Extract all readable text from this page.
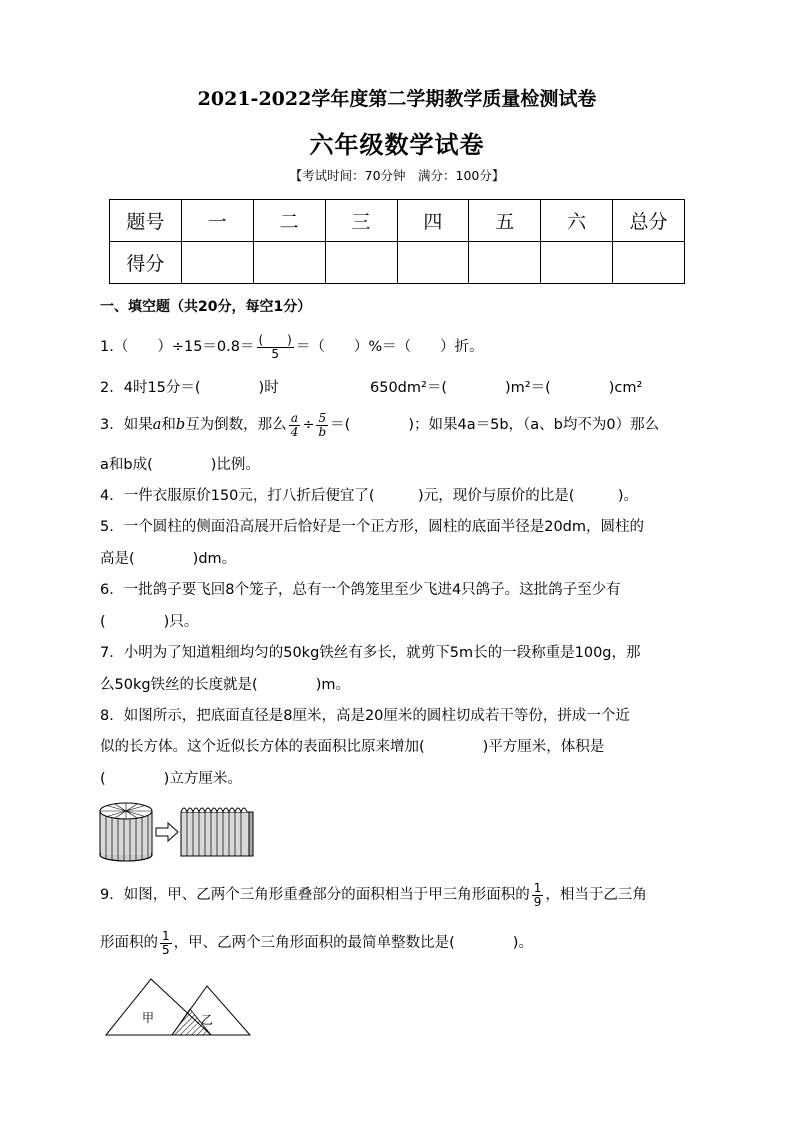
2021-2022学年度第二学期教学质量检测试卷
六年级数学试卷
【考试时间：70分钟　满分：100分】
题号	一	二	三	四	五	六	总分
得分							
一、填空题（共20分，每空1分）
1.（　　）$\div 15=0.8= \frac{( )}{5}$ ＝（　　）%＝（　　）折。
2．4时15分＝(　　　　)时	650dm²＝(　　　　)m²＝(　　　　)cm²
3．如果a和b互为倒数，那么 $\frac{a}{4} \div \frac{5}{b}$ ＝(　　　　)；如果4a＝5b，（a、b均不为0）那么
a和b成(　　　　)比例。
4．一件衣服原价150元，打八折后便宜了(　　　)元，现价与原价的比是(　　　)。
5．一个圆柱的侧面沿高展开后恰好是一个正方形，圆柱的底面半径是20dm，圆柱的
高是(　　　　)dm。
6．一批鸽子要飞回8个笼子，总有一个鸽笼里至少飞进4只鸽子。这批鸽子至少有
(　　　　)只。
7．小明为了知道粗细均匀的50kg铁丝有多长，就剪下5m长的一段称重是100g，那
么50kg铁丝的长度就是(　　　　)m。
8．如图所示，把底面直径是8厘米，高是20厘米的圆柱切成若干等份，拼成一个近
似的长方体。这个近似长方体的表面积比原来增加(　　　　)平方厘米，体积是
(　　　　)立方厘米。
9．如图，甲、乙两个三角形重叠部分的面积相当于甲三角形面积的 $\frac{1}{9}$ ，相当于乙三角
形面积的 $\frac{1}{5}$ ，甲、乙两个三角形面积的最简单整数比是(　　　　)。
甲	乙
